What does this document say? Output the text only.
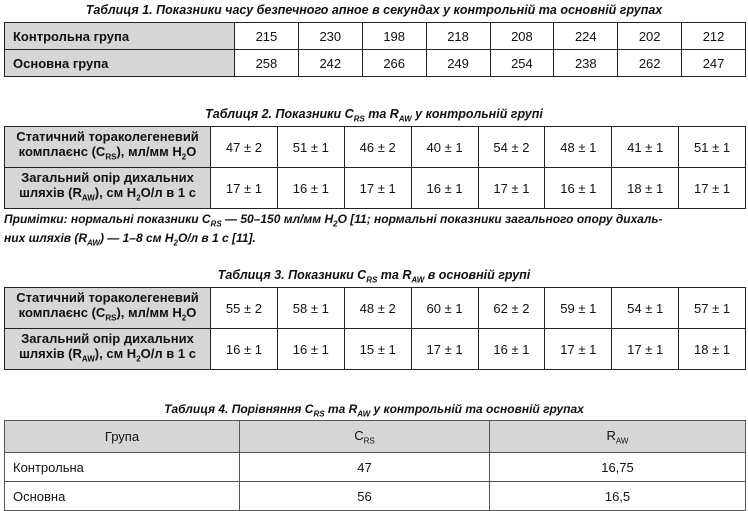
Таблиця 1. Показники часу безпечного апное в секундах у контрольній та основній групах
Контрольна група	215	230	198	218	208	224	202	212
Основна група	258	242	266	249	254	238	262	247
Таблиця 2. Показники $C_{RS}$ та $R_{AW}$ у контрольній групі
Статичний тораколегеневий
комплаєнс $(C_{RS})$, мл/мм $H_2O$	47 ± 2	51 ± 1	46 ± 2	40 ± 1	54 ± 2	48 ± 1	41 ± 1	51 ± 1
Загальний опір дихальних
шляхів $(R_{AW})$, см $H_2O/л$ в 1 с	17 ± 1	16 ± 1	17 ± 1	16 ± 1	17 ± 1	16 ± 1	18 ± 1	17 ± 1
Примітки: нормальні показники $C_{RS}$ — 50–150 мл/мм $H_2O$ [11; нормальні показники загального опору дихаль-
них шляхів $(R_{AW})$ — 1–8 см $H_2O/л$ в 1 с [11].
Таблиця 3. Показники $C_{RS}$ та $R_{AW}$ в основній групі
Статичний тораколегеневий
комплаєнс $(C_{RS})$, мл/мм $H_2O$	55 ± 2	58 ± 1	48 ± 2	60 ± 1	62 ± 2	59 ± 1	54 ± 1	57 ± 1
Загальний опір дихальних
шляхів $(R_{AW})$, см $H_2O/л$ в 1 с	16 ± 1	16 ± 1	15 ± 1	17 ± 1	16 ± 1	17 ± 1	17 ± 1	18 ± 1
Таблиця 4. Порівняння $C_{RS}$ та $R_{AW}$ у контрольній та основній групах
Група	$C_{RS}$	$R_{AW}$
Контрольна	47	16,75
Основна	56	16,5
